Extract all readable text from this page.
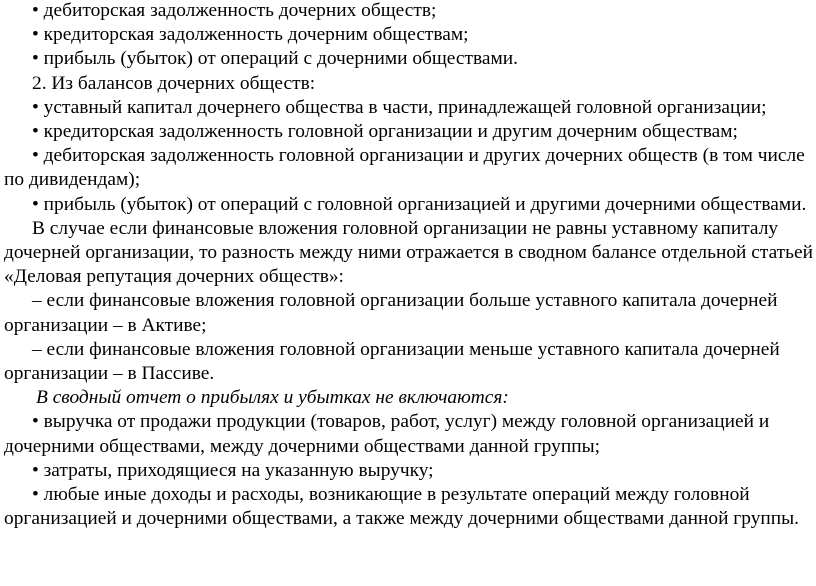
• дебиторская задолженность дочерних обществ;

• кредиторская задолженность дочерним обществам;

• прибыль (убыток) от операций с дочерними обществами.

2. Из балансов дочерних обществ:

• уставный капитал дочернего общества в части, принадлежащей головной организации;

• кредиторская задолженность головной организации и другим дочерним обществам;

• дебиторская задолженность головной организации и других дочерних обществ (в том числе по дивидендам);

• прибыль (убыток) от операций с головной организацией и другими дочерними обществами.

В случае если финансовые вложения головной организации не равны уставному капиталу дочерней организации, то разность между ними отражается в сводном балансе отдельной статьей «Деловая репутация дочерних обществ»:

– если финансовые вложения головной организации больше уставного капитала дочерней организации – в Активе;

– если финансовые вложения головной организации меньше уставного капитала дочерней организации – в Пассиве.

В сводный отчет о прибылях и убытках не включаются:

• выручка от продажи продукции (товаров, работ, услуг) между головной организацией и дочерними обществами, между дочерними обществами данной группы;

• затраты, приходящиеся на указанную выручку;

• любые иные доходы и расходы, возникающие в результате операций между головной организацией и дочерними обществами, а также между дочерними обществами данной группы.
